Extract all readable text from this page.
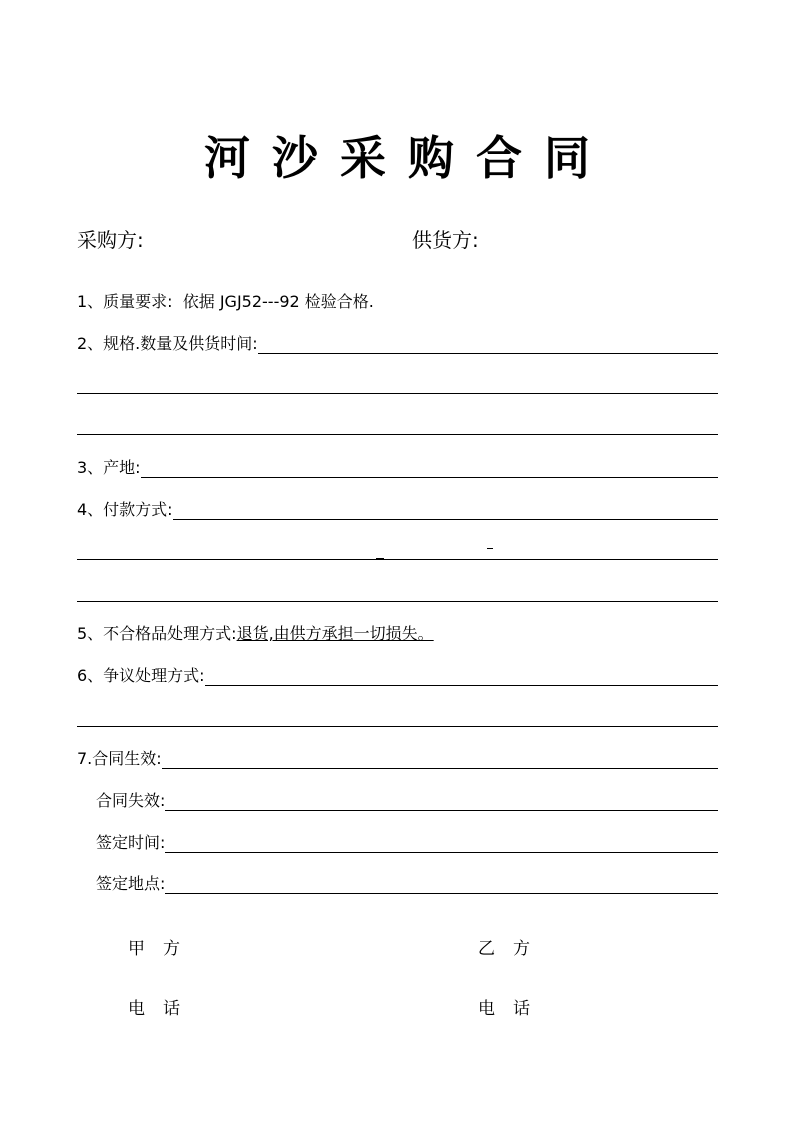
河沙采购合同
采购方:	供货方:
1、质量要求:  依据 JGJ52---92 检验合格.
2、规格.数量及供货时间:
3、产地:
4、付款方式:
5、不合格品处理方式: 退货,由供方承担一切损失。
6、争议处理方式:
7.合同生效:
合同失效:
签定时间:
签定地点:
甲方	乙方
电话	电话
